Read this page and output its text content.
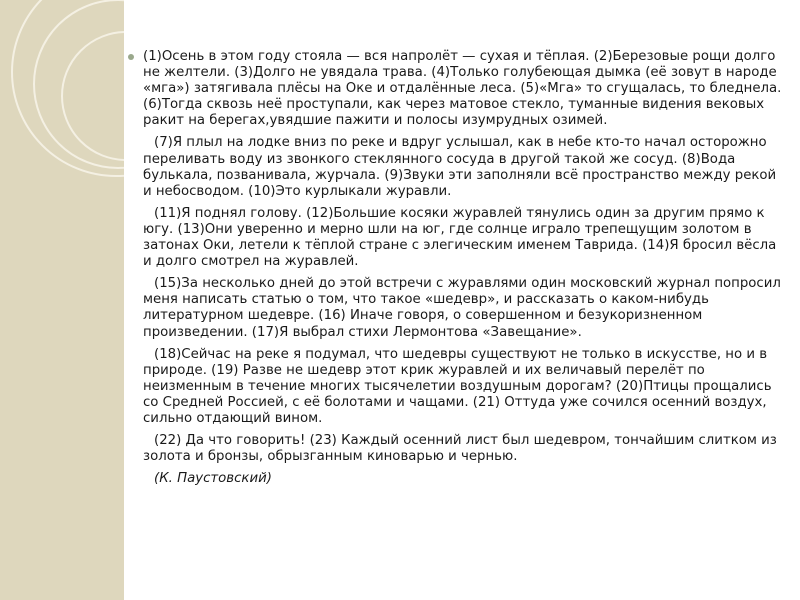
(1)Осень в этом году стояла — вся напролёт — сухая и тёплая. (2)Березовые рощи долго не желтели. (3)Долго не увядала трава. (4)Только голубеющая дымка (её зовут в народе «мга») затягивала плёсы на Оке и отдалённые леса. (5)«Мга» то сгущалась, то бледнела. (6)Тогда сквозь неё проступали, как через матовое стекло, туманные видения вековых ракит на берегах,увядшие пажити и полосы изумрудных озимей.

(7)Я плыл на лодке вниз по реке и вдруг услышал, как в небе кто-то начал осторожно переливать воду из звонкого стеклянного сосуда в другой такой же сосуд. (8)Вода булькала, позванивала, журчала. (9)Звуки эти заполняли всё пространство между рекой и небосводом. (10)Это курлыкали журавли.

(11)Я поднял голову. (12)Большие косяки журавлей тянулись один за другим прямо к югу. (13)Они уверенно и мерно шли на юг, где солнце играло трепещущим золотом в затонах Оки, летели к тёплой стране с элегическим именем Таврида. (14)Я бросил вёсла и долго смотрел на журавлей.

(15)За несколько дней до этой встречи с журавлями один московский журнал попросил меня написать статью о том, что такое «шедевр», и рассказать о каком-нибудь литературном шедевре. (16) Иначе говоря, о совершенном и безукоризненном произведении. (17)Я выбрал стихи Лермонтова «Завещание».

(18)Сейчас на реке я подумал, что шедевры существуют не только в искусстве, но и в природе. (19) Разве не шедевр этот крик журавлей и их величавый перелёт по неизменным в течение многих тысячелетии воздушным дорогам? (20)Птицы прощались со Средней Россией, с её болотами и чащами. (21) Оттуда уже сочился осенний воздух, сильно отдающий вином.

(22) Да что говорить! (23) Каждый осенний лист был шедевром, тончайшим слитком из золота и бронзы, обрызганным киноварью и чернью.

(К. Паустовский)
